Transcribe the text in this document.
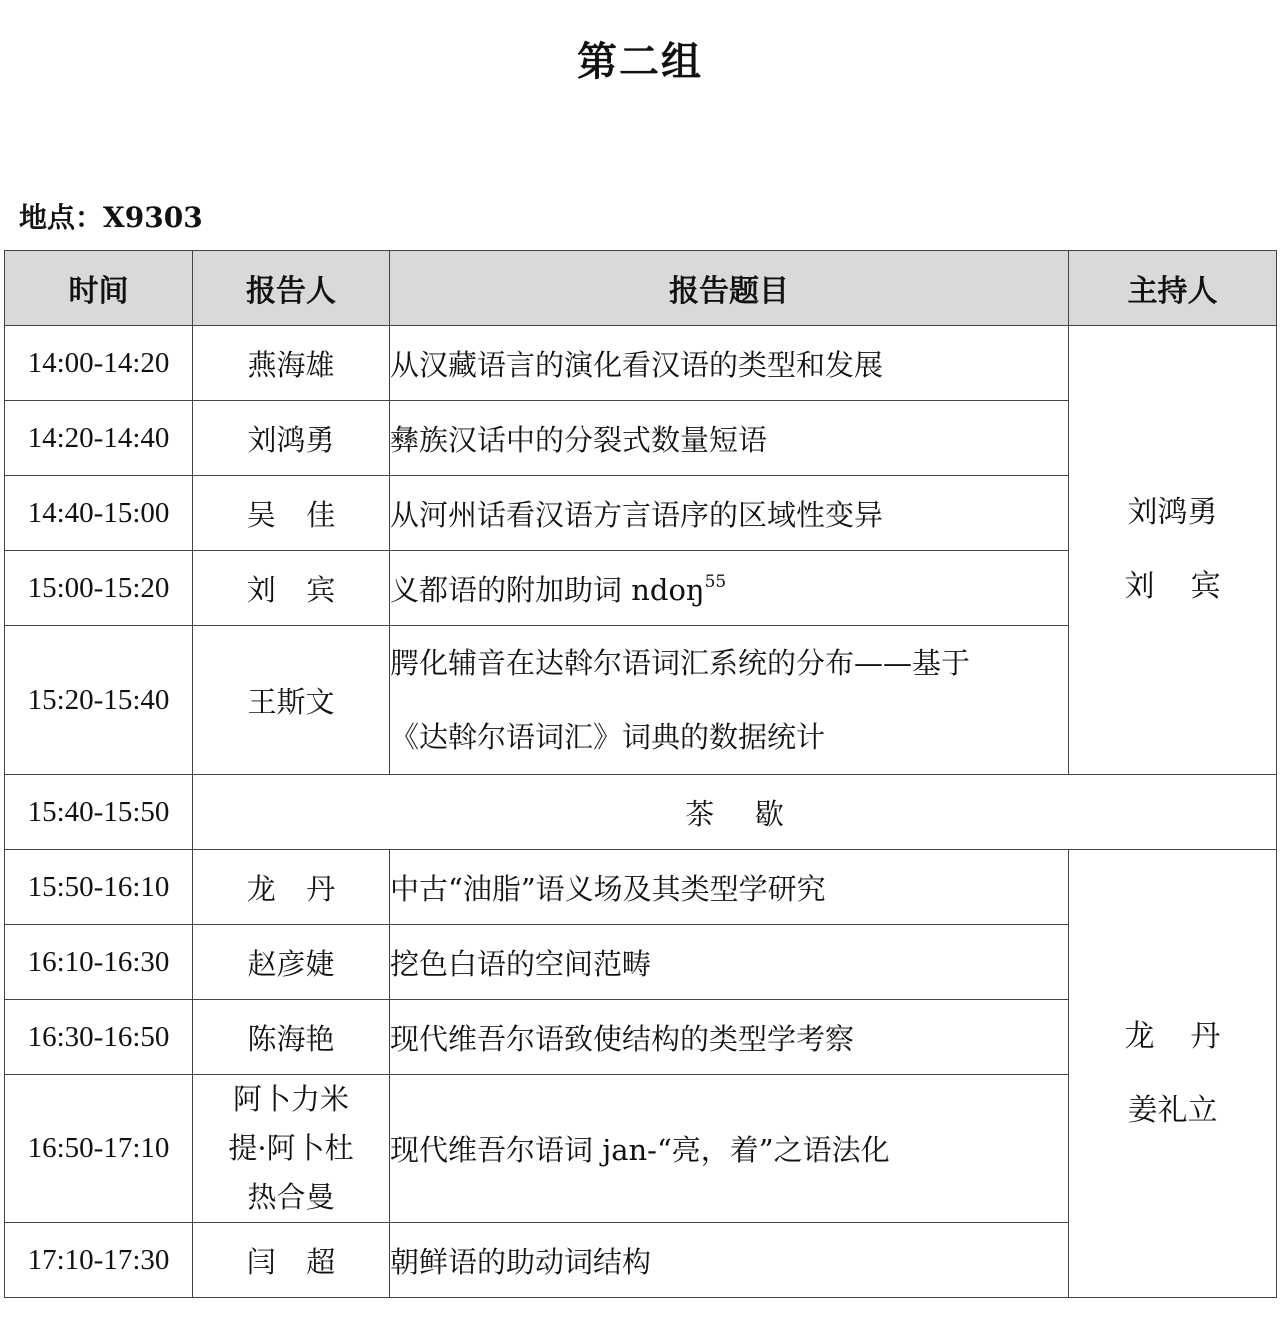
第二组
地点：X9303
时间	报告人	报告题目	主持人
14:00-14:20	燕海雄	从汉藏语言的演化看汉语的类型和发展	刘鸿勇
刘宾

14:20-14:40	刘鸿勇	彝族汉话中的分裂式数量短语	
14:40-15:00	吴佳	从河州话看汉语方言语序的区域性变异	
15:00-15:20	刘宾	义都语的附加助词 ndoŋ$^{55}$
15:20-15:40	王斯文	腭化辅音在达斡尔语词汇系统的分布——基于
《达斡尔语词汇》词典的数据统计	

15:40-15:50	茶歇		
15:50-16:10	龙丹	中古“油脂”语义场及其类型学研究	龙丹
姜礼立

16:10-16:30	赵彦婕	挖色白语的空间范畴	
16:30-16:50	陈海艳	现代维吾尔语致使结构的类型学考察	
16:50-17:10	阿卜力米
提·阿卜杜
热合曼	现代维吾尔语词 jan-“亮，着”之语法化	
17:10-17:30	闫超	朝鲜语的助动词结构	
